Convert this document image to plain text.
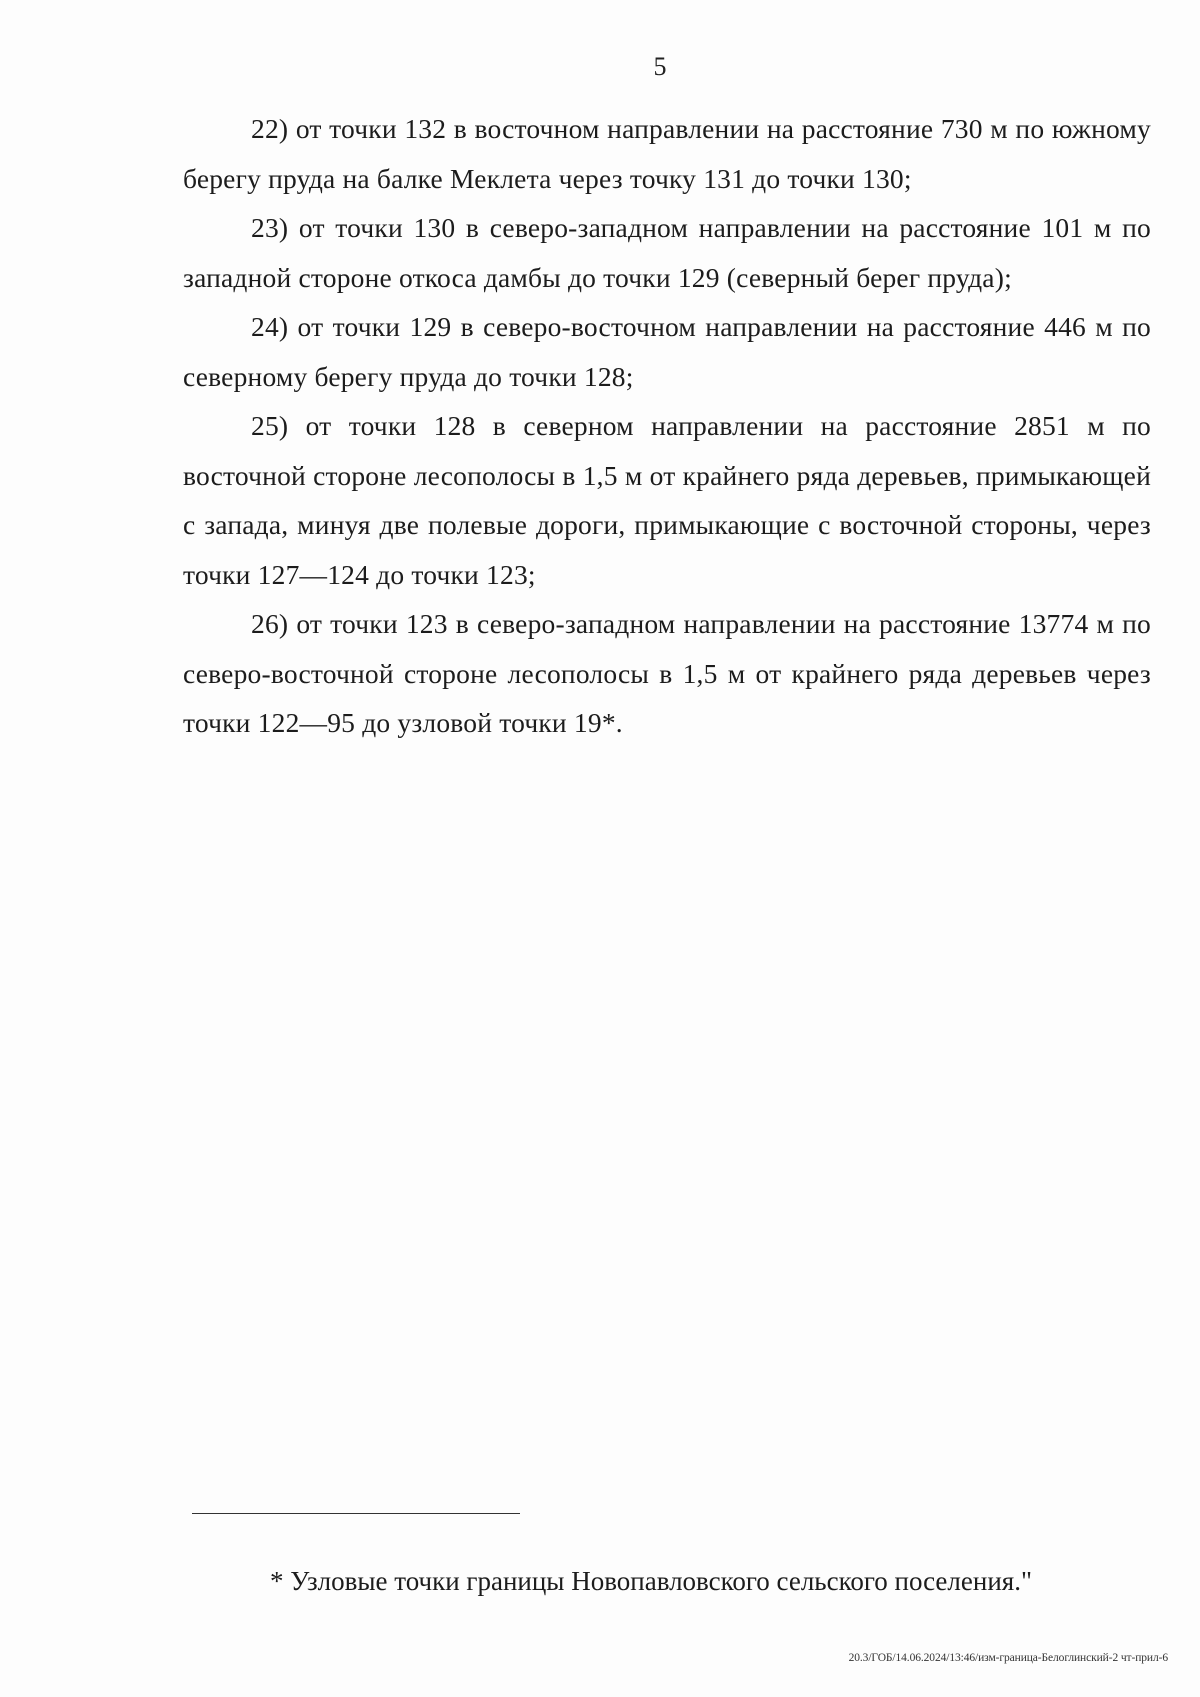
5

22) от точки 132 в восточном направлении на расстояние 730 м по южному берегу пруда на балке Меклета через точку 131 до точки 130;

23) от точки 130 в северо-западном направлении на расстояние 101 м по западной стороне откоса дамбы до точки 129 (северный берег пруда);

24) от точки 129 в северо-восточном направлении на расстояние 446 м по северному берегу пруда до точки 128;

25) от точки 128 в северном направлении на расстояние 2851 м по восточной стороне лесополосы в 1,5 м от крайнего ряда деревьев, примыкающей с запада, минуя две полевые дороги, примыкающие с восточной стороны, через точки 127—124 до точки 123;

26) от точки 123 в северо-западном направлении на расстояние 13774 м по северо-восточной стороне лесополосы в 1,5 м от крайнего ряда деревьев через точки 122—95 до узловой точки 19*.

* Узловые точки границы Новопавловского сельского поселения."
20.3/ГОБ/14.06.2024/13:46/изм-граница-Белоглинский-2 чт-прил-6
